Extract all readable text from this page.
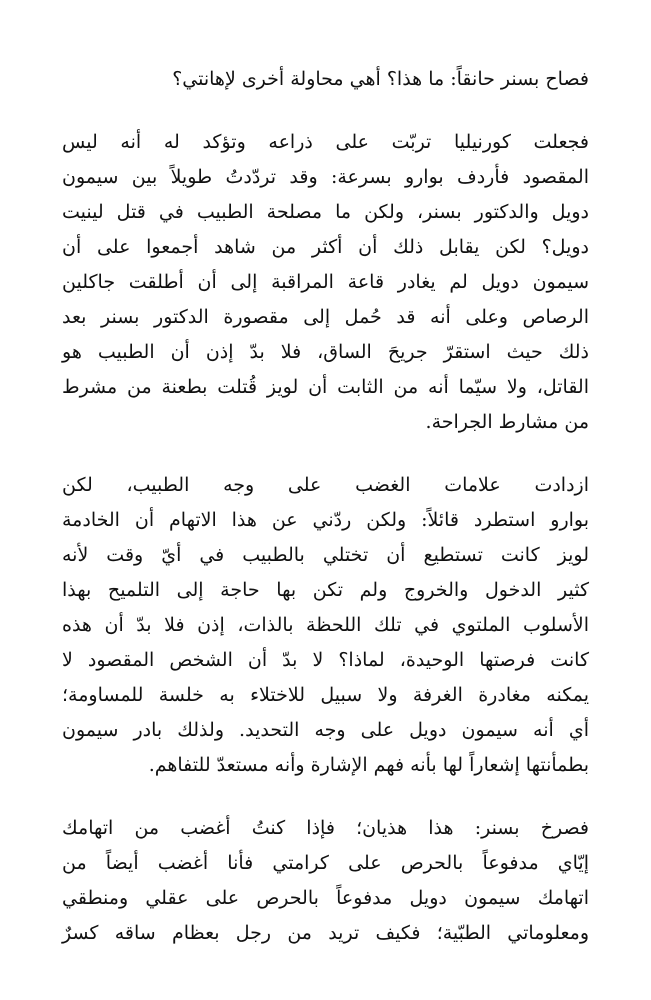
فصاح بسنر حانقاً: ما هذا؟ أهي محاولة أخرى لإهانتي؟

فجعلت كورنيليا تربّت على ذراعه وتؤكد له أنه ليس
المقصود فأردف بوارو بسرعة: وقد تردّدتُ طويلاً بين سيمون
دويل والدكتور بسنر، ولكن ما مصلحة الطبيب في قتل لينيت
دويل؟ لكن يقابل ذلك أن أكثر من شاهد أجمعوا على أن
سيمون دويل لم يغادر قاعة المراقبة إلى أن أطلقت جاكلين
الرصاص وعلى أنه قد حُمل إلى مقصورة الدكتور بسنر بعد
ذلك حيث استقرّ جريحَ الساق، فلا بدّ إذن أن الطبيب هو
القاتل، ولا سيّما أنه من الثابت أن لويز قُتلت بطعنة من مشرط
من مشارط الجراحة.

ازدادت علامات الغضب على وجه الطبيب، لكن
بوارو استطرد قائلاً: ولكن ردّني عن هذا الاتهام أن الخادمة
لويز كانت تستطيع أن تختلي بالطبيب في أيّ وقت لأنه
كثير الدخول والخروج ولم تكن بها حاجة إلى التلميح بهذا
الأسلوب الملتوي في تلك اللحظة بالذات، إذن فلا بدّ أن هذه
كانت فرصتها الوحيدة، لماذا؟ لا بدّ أن الشخص المقصود لا
يمكنه مغادرة الغرفة ولا سبيل للاختلاء به خلسة للمساومة؛
أي أنه سيمون دويل على وجه التحديد. ولذلك بادر سيمون
بطمأنتها إشعاراً لها بأنه فهم الإشارة وأنه مستعدّ للتفاهم.

فصرخ بسنر: هذا هذيان؛ فإذا كنتُ أغضب من اتهامك
إيّاي مدفوعاً بالحرص على كرامتي فأنا أغضب أيضاً من
اتهامك سيمون دويل مدفوعاً بالحرص على عقلي ومنطقي
ومعلوماتي الطبّية؛ فكيف تريد من رجل بعظام ساقه كسرٌ
